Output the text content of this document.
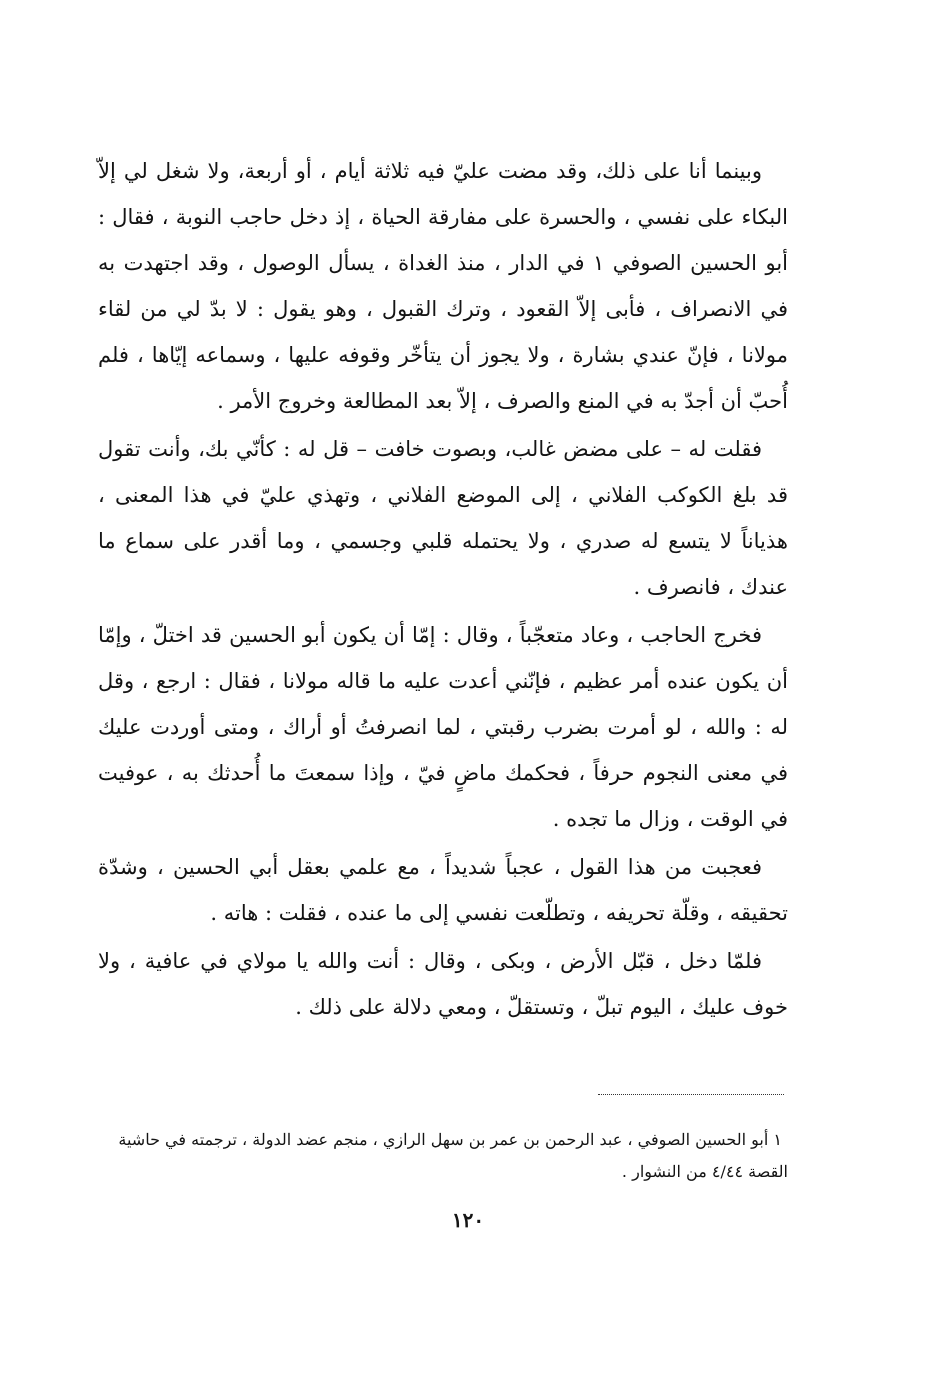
وبينما أنا على ذلك، وقد مضت عليّ فيه ثلاثة أيام ، أو أربعة، ولا شغل لي إلاّ البكاء على نفسي ، والحسرة على مفارقة الحياة ، إذ دخل حاجب النوبة ، فقال : أبو الحسين الصوفي ١ في الدار ، منذ الغداة ، يسأل الوصول ، وقد اجتهدت به في الانصراف ، فأبى إلاّ القعود ، وترك القبول ، وهو يقول : لا بدّ لي من لقاء مولانا ، فإنّ عندي بشارة ، ولا يجوز أن يتأخّر وقوفه عليها ، وسماعه إيّاها ، فلم أُحبّ أن أجدّ به في المنع والصرف ، إلاّ بعد المطالعة وخروج الأمر .

فقلت له – على مضض غالب، وبصوت خافت – قل له : كأنّي بك، وأنت تقول قد بلغ الكوكب الفلاني ، إلى الموضع الفلاني ، وتهذي عليّ في هذا المعنى ، هذياناً لا يتسع له صدري ، ولا يحتمله قلبي وجسمي ، وما أقدر على سماع ما عندك ، فانصرف .

فخرج الحاجب ، وعاد متعجّباً ، وقال : إمّا أن يكون أبو الحسين قد اختلّ ، وإمّا أن يكون عنده أمر عظيم ، فإنّني أعدت عليه ما قاله مولانا ، فقال : ارجع ، وقل له : والله ، لو أمرت بضرب رقبتي ، لما انصرفتُ أو أراك ، ومتى أوردت عليك في معنى النجوم حرفاً ، فحكمك ماضٍ فيّ ، وإذا سمعتَ ما أُحدثك به ، عوفيت في الوقت ، وزال ما تجده .

فعجبت من هذا القول ، عجباً شديداً ، مع علمي بعقل أبي الحسين ، وشدّة تحقيقه ، وقلّة تحريفه ، وتطلّعت نفسي إلى ما عنده ، فقلت : هاته .

فلمّا دخل ، قبّل الأرض ، وبكى ، وقال : أنت والله يا مولاي في عافية ، ولا خوف عليك ، اليوم تبلّ ، وتستقلّ ، ومعي دلالة على ذلك .

١ أبو الحسين الصوفي ، عبد الرحمن بن عمر بن سهل الرازي ، منجم عضد الدولة ، ترجمته في حاشية القصة ٤/٤٤ من النشوار .

١٢٠
